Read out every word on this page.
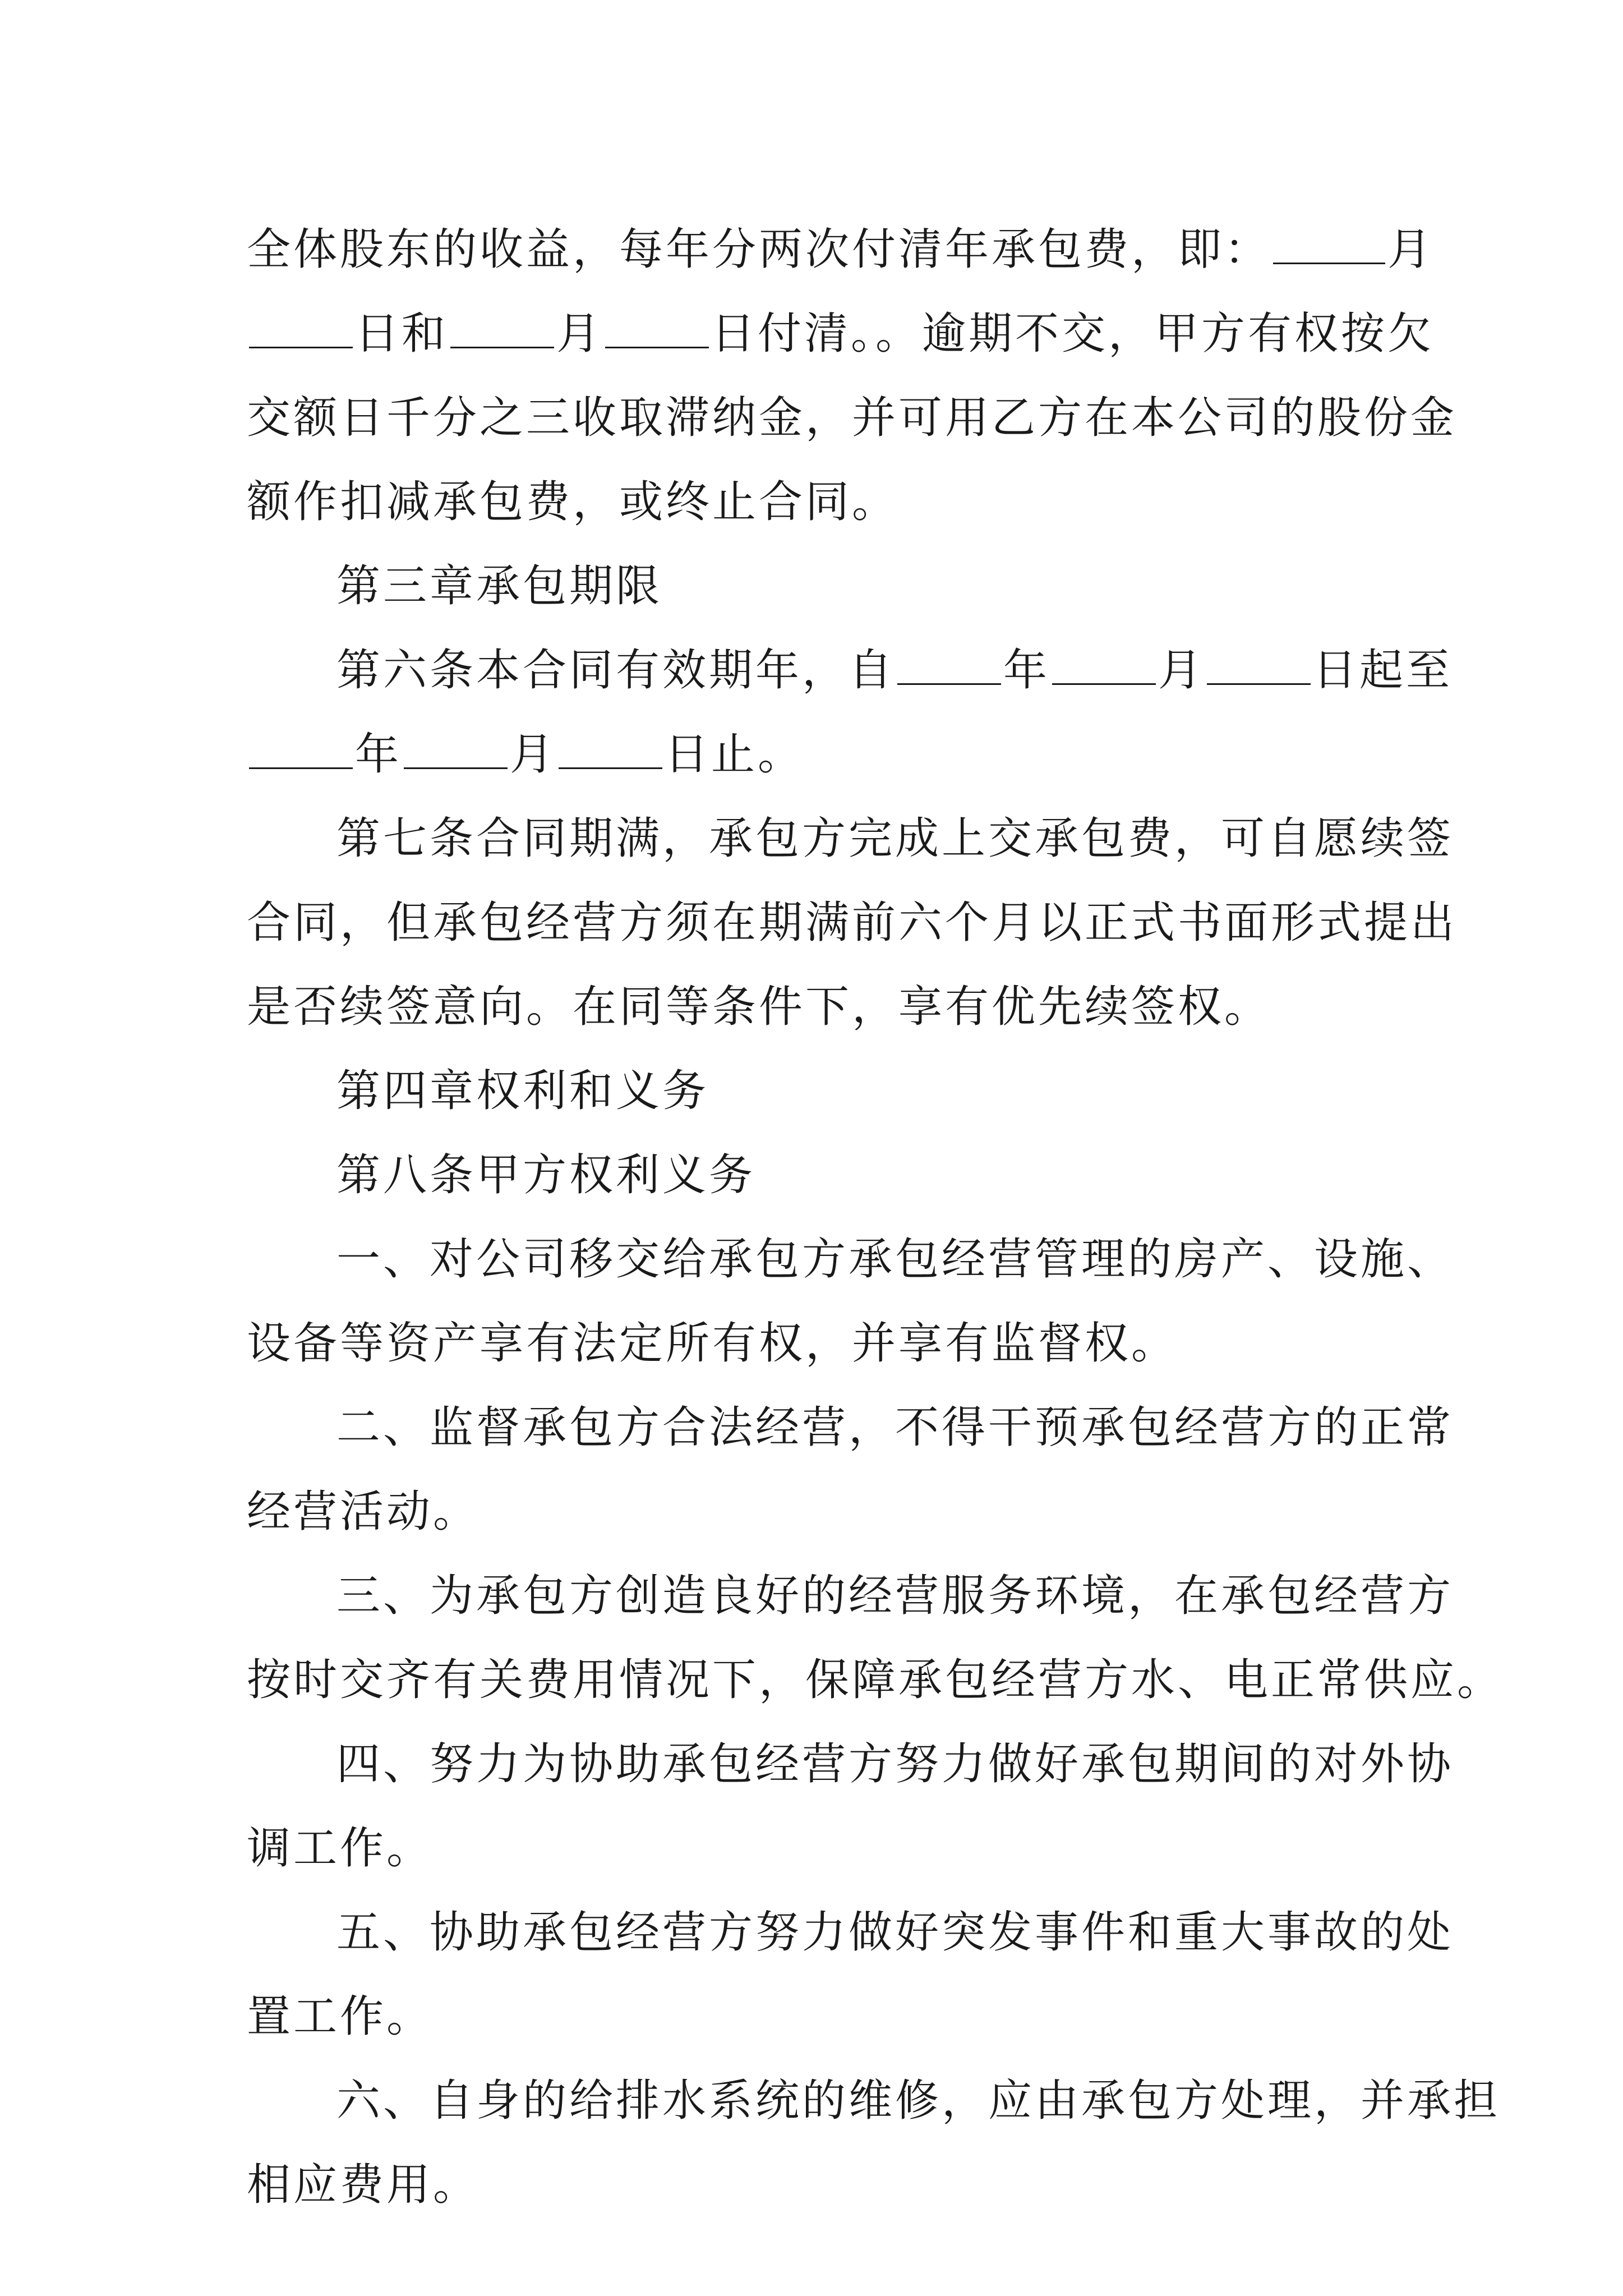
全体股东的收益，每年分两次付清年承包费，即：	月
日和 月 日付清。。逾期不交，甲方有权按欠
交额日千分之三收取滞纳金，并可用乙方在本公司的股份金
额作扣减承包费，或终止合同。
第三章承包期限
第六条本合同有效期年，自 年 月 日起至
年 月 日止。
第七条合同期满，承包方完成上交承包费，可自愿续签
合同，但承包经营方须在期满前六个月以正式书面形式提出
是否续签意向。在同等条件下，享有优先续签权。
第四章权利和义务
第八条甲方权利义务
一、对公司移交给承包方承包经营管理的房产、设施、
设备等资产享有法定所有权，并享有监督权。
二、监督承包方合法经营，不得干预承包经营方的正常
经营活动。
三、为承包方创造良好的经营服务环境，在承包经营方
按时交齐有关费用情况下，保障承包经营方水、电正常供应。
四、努力为协助承包经营方努力做好承包期间的对外协
调工作。
五、协助承包经营方努力做好突发事件和重大事故的处
置工作。
六、自身的给排水系统的维修，应由承包方处理，并承担
相应费用。
